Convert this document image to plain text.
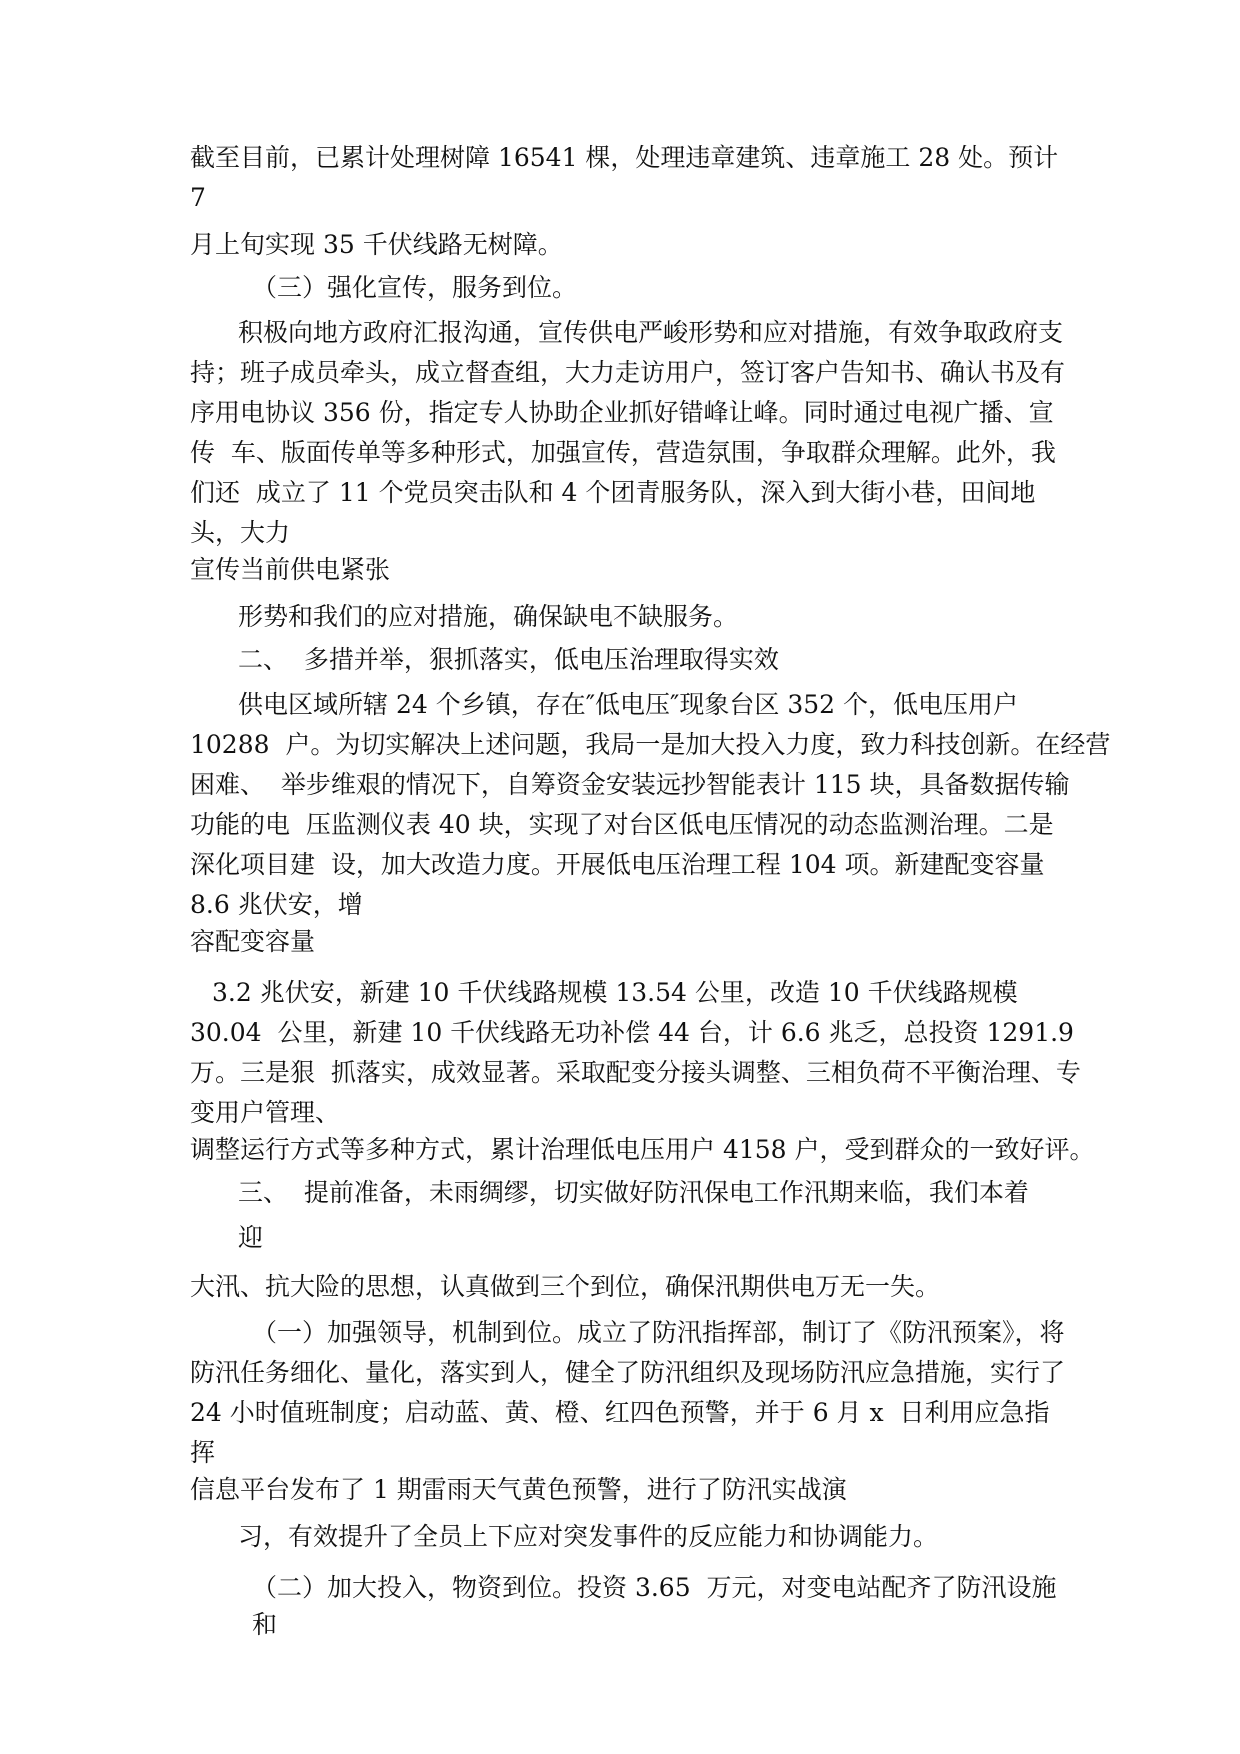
截至目前，已累计处理树障 16541 棵，处理违章建筑、违章施工 28 处。预计
7
月上旬实现 35 千伏线路无树障。
（三）强化宣传，服务到位。
积极向地方政府汇报沟通，宣传供电严峻形势和应对措施，有效争取政府支
持；班子成员牵头，成立督查组，大力走访用户，签订客户告知书、确认书及有
序用电协议 356 份，指定专人协助企业抓好错峰让峰。同时通过电视广播、宣
传  车、版面传单等多种形式，加强宣传，营造氛围，争取群众理解。此外，我
们还  成立了 11 个党员突击队和 4 个团青服务队，深入到大街小巷，田间地
头，大力
宣传当前供电紧张
形势和我们的应对措施，确保缺电不缺服务。
二、  多措并举，狠抓落实，低电压治理取得实效
供电区域所辖 24 个乡镇，存在″低电压″现象台区 352 个，低电压用户
10288  户。为切实解决上述问题，我局一是加大投入力度，致力科技创新。在经营
困难、  举步维艰的情况下，自筹资金安装远抄智能表计 115 块，具备数据传输
功能的电  压监测仪表 40 块，实现了对台区低电压情况的动态监测治理。二是
深化项目建  设，加大改造力度。开展低电压治理工程 104 项。新建配变容量
8.6 兆伏安，增
容配变容量
3.2 兆伏安，新建 10 千伏线路规模 13.54 公里，改造 10 千伏线路规模
30.04  公里，新建 10 千伏线路无功补偿 44 台，计 6.6 兆乏，总投资 1291.9
万。三是狠  抓落实，成效显著。采取配变分接头调整、三相负荷不平衡治理、专
变用户管理、
调整运行方式等多种方式，累计治理低电压用户 4158 户，受到群众的一致好评。
三、  提前准备，未雨绸缪，切实做好防汛保电工作汛期来临，我们本着
迎
大汛、抗大险的思想，认真做到三个到位，确保汛期供电万无一失。
（一）加强领导，机制到位。成立了防汛指挥部，制订了《防汛预案》，将
防汛任务细化、量化，落实到人，健全了防汛组织及现场防汛应急措施，实行了
24 小时值班制度；启动蓝、黄、橙、红四色预警，并于 6 月 x  日利用应急指
挥
信息平台发布了 1 期雷雨天气黄色预警，进行了防汛实战演
习，有效提升了全员上下应对突发事件的反应能力和协调能力。
（二）加大投入，物资到位。投资 3.65  万元，对变电站配齐了防汛设施
和
